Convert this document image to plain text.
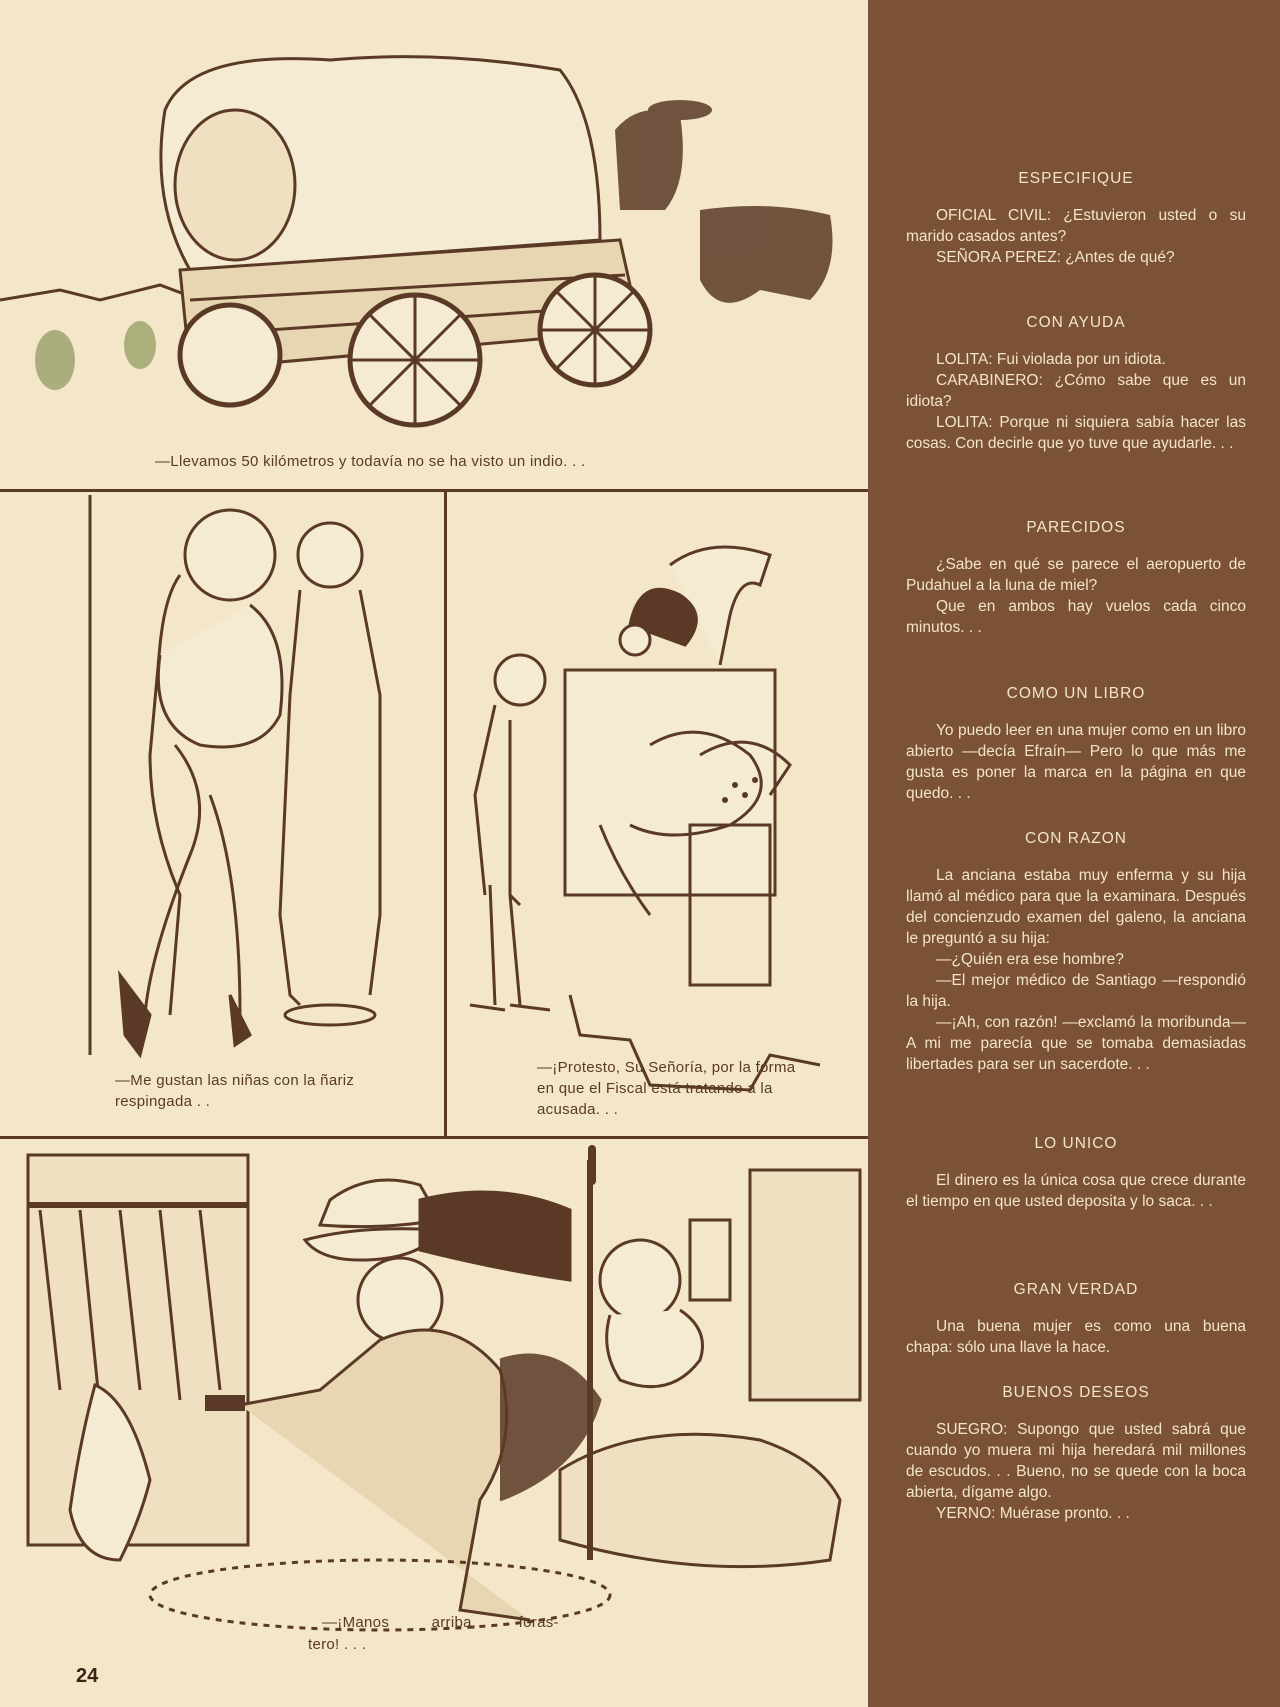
—Llevamos 50 kilómetros y todavía no se ha visto un indio. . .
—Me gustan las niñas con la ñariz respingada . .
—¡Protesto, Su Señoría, por la forma en que el Fiscal está tratando a la acusada. . .
—¡Manos arriba, foras-
tero! . . .
24
ESPECIFIQUE

OFICIAL CIVIL: ¿Estuvieron usted o su marido casados antes?

SEÑORA PEREZ: ¿Antes de qué?

CON AYUDA

LOLITA: Fui violada por un idiota.

CARABINERO: ¿Cómo sabe que es un idiota?

LOLITA: Porque ni siquiera sabía hacer las cosas. Con decirle que yo tuve que ayudarle. . .

PARECIDOS

¿Sabe en qué se parece el aeropuerto de Pudahuel a la luna de miel?

Que en ambos hay vuelos cada cinco minutos. . .

COMO UN LIBRO

Yo puedo leer en una mujer como en un libro abierto —decía Efraín— Pero lo que más me gusta es poner la marca en la página en que quedo. . .

CON RAZON

La anciana estaba muy enferma y su hija llamó al médico para que la examinara. Después del concienzudo examen del galeno, la anciana le preguntó a su hija:

—¿Quién era ese hombre?

—El mejor médico de Santiago —respondió la hija.

—¡Ah, con razón! —exclamó la moribunda— A mi me parecía que se tomaba demasiadas libertades para ser un sacerdote. . .

LO UNICO

El dinero es la única cosa que crece durante el tiempo en que usted deposita y lo saca. . .

GRAN VERDAD

Una buena mujer es como una buena chapa: sólo una llave la hace.

BUENOS DESEOS

SUEGRO: Supongo que usted sabrá que cuando yo muera mi hija heredará mil millones de escudos. . . Bueno, no se quede con la boca abierta, dígame algo.

YERNO: Muérase pronto. . .
